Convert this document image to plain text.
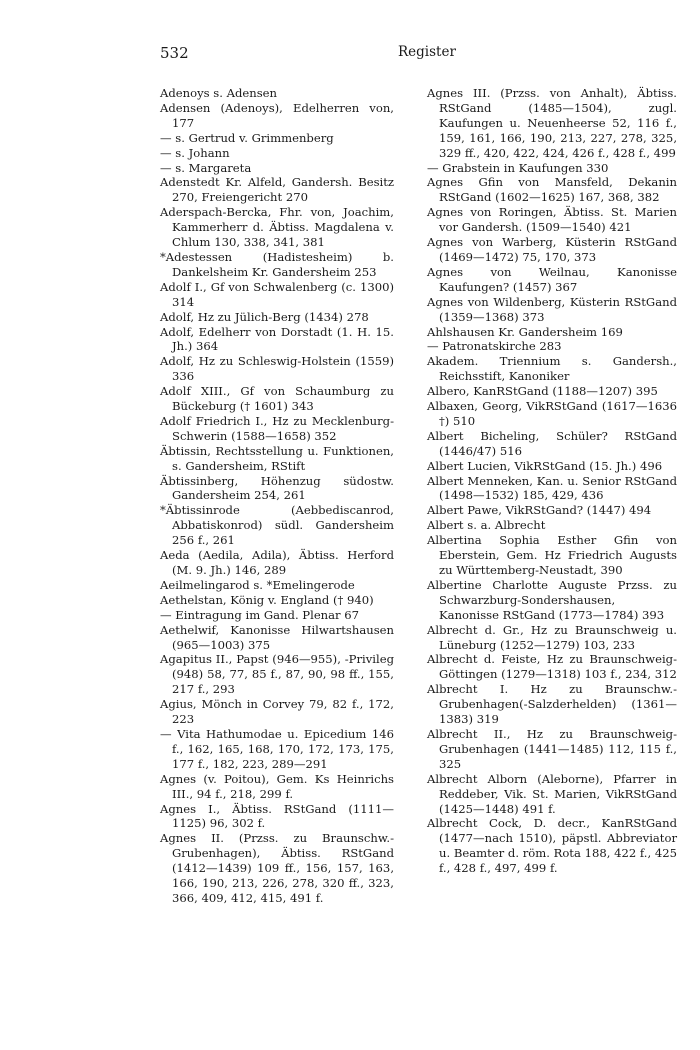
532	Register
Adenoys s. Adensen
Adensen (Adenoys), Edelherren von, 177
— s. Gertrud v. Grimmenberg
— s. Johann
— s. Margareta
Adenstedt Kr. Alfeld, Gandersh. Besitz 270, Freiengericht 270
Aderspach-Bercka, Fhr. von, Joachim, Kammerherr d. Äbtiss. Magdalena v. Chlum 130, 338, 341, 381
*Adestessen (Hadistesheim) b. Dankelsheim Kr. Gandersheim 253
Adolf I., Gf von Schwalenberg (c. 1300) 314
Adolf, Hz zu Jülich-Berg (1434) 278
Adolf, Edelherr von Dorstadt (1. H. 15. Jh.) 364
Adolf, Hz zu Schleswig-Holstein (1559) 336
Adolf XIII., Gf von Schaumburg zu Bückeburg († 1601) 343
Adolf Friedrich I., Hz zu Mecklenburg-Schwerin (1588—1658) 352
Äbtissin, Rechtsstellung u. Funktionen, s. Gandersheim, RStift
Äbtissinberg, Höhenzug südostw. Gandersheim 254, 261
*Äbtissinrode (Aebbediscanrod, Abbatiskonrod) südl. Gandersheim 256 f., 261
Aeda (Aedila, Adila), Äbtiss. Herford (M. 9. Jh.) 146, 289
Aeilmelingarod s. *Emelingerode
Aethelstan, König v. England († 940)
— Eintragung im Gand. Plenar 67
Aethelwif, Kanonisse Hilwartshausen (965—1003) 375
Agapitus II., Papst (946—955), -Privileg (948) 58, 77, 85 f., 87, 90, 98 ff., 155, 217 f., 293
Agius, Mönch in Corvey 79, 82 f., 172, 223
— Vita Hathumodae u. Epicedium 146 f., 162, 165, 168, 170, 172, 173, 175, 177 f., 182, 223, 289—291
Agnes (v. Poitou), Gem. Ks Heinrichs III., 94 f., 218, 299 f.
Agnes I., Äbtiss. RStGand (1111—1125) 96, 302 f.
Agnes II. (Przss. zu Braunschw.-Grubenhagen), Äbtiss. RStGand (1412—1439) 109 ff., 156, 157, 163, 166, 190, 213, 226, 278, 320 ff., 323, 366, 409, 412, 415, 491 f.
Agnes III. (Przss. von Anhalt), Äbtiss. RStGand (1485—1504), zugl. Kaufungen u. Neuenheerse 52, 116 f., 159, 161, 166, 190, 213, 227, 278, 325, 329 ff., 420, 422, 424, 426 f., 428 f., 499
— Grabstein in Kaufungen 330
Agnes Gfin von Mansfeld, Dekanin RStGand (1602—1625) 167, 368, 382
Agnes von Roringen, Äbtiss. St. Marien vor Gandersh. (1509—1540) 421
Agnes von Warberg, Küsterin RStGand (1469—1472) 75, 170, 373
Agnes von Weilnau, Kanonisse Kaufungen? (1457) 367
Agnes von Wildenberg, Küsterin RStGand (1359—1368) 373
Ahlshausen Kr. Gandersheim 169
— Patronatskirche 283
Akadem. Triennium s. Gandersh., Reichsstift, Kanoniker
Albero, KanRStGand (1188—1207) 395
Albaxen, Georg, VikRStGand (1617—1636 †) 510
Albert Bicheling, Schüler? RStGand (1446/47) 516
Albert Lucien, VikRStGand (15. Jh.) 496
Albert Menneken, Kan. u. Senior RStGand (1498—1532) 185, 429, 436
Albert Pawe, VikRStGand? (1447) 494
Albert s. a. Albrecht
Albertina Sophia Esther Gfin von Eberstein, Gem. Hz Friedrich Augusts zu Württemberg-Neustadt, 390
Albertine Charlotte Auguste Przss. zu Schwarzburg-Sondershausen, Kanonisse RStGand (1773—1784) 393
Albrecht d. Gr., Hz zu Braunschweig u. Lüneburg (1252—1279) 103, 233
Albrecht d. Feiste, Hz zu Braunschweig-Göttingen (1279—1318) 103 f., 234, 312
Albrecht I. Hz zu Braunschw.-Grubenhagen(-Salzderhelden) (1361—1383) 319
Albrecht II., Hz zu Braunschweig-Grubenhagen (1441—1485) 112, 115 f., 325
Albrecht Alborn (Aleborne), Pfarrer in Reddeber, Vik. St. Marien, VikRStGand (1425—1448) 491 f.
Albrecht Cock, D. decr., KanRStGand (1477—nach 1510), päpstl. Abbreviator u. Beamter d. röm. Rota 188, 422 f., 425 f., 428 f., 497, 499 f.
